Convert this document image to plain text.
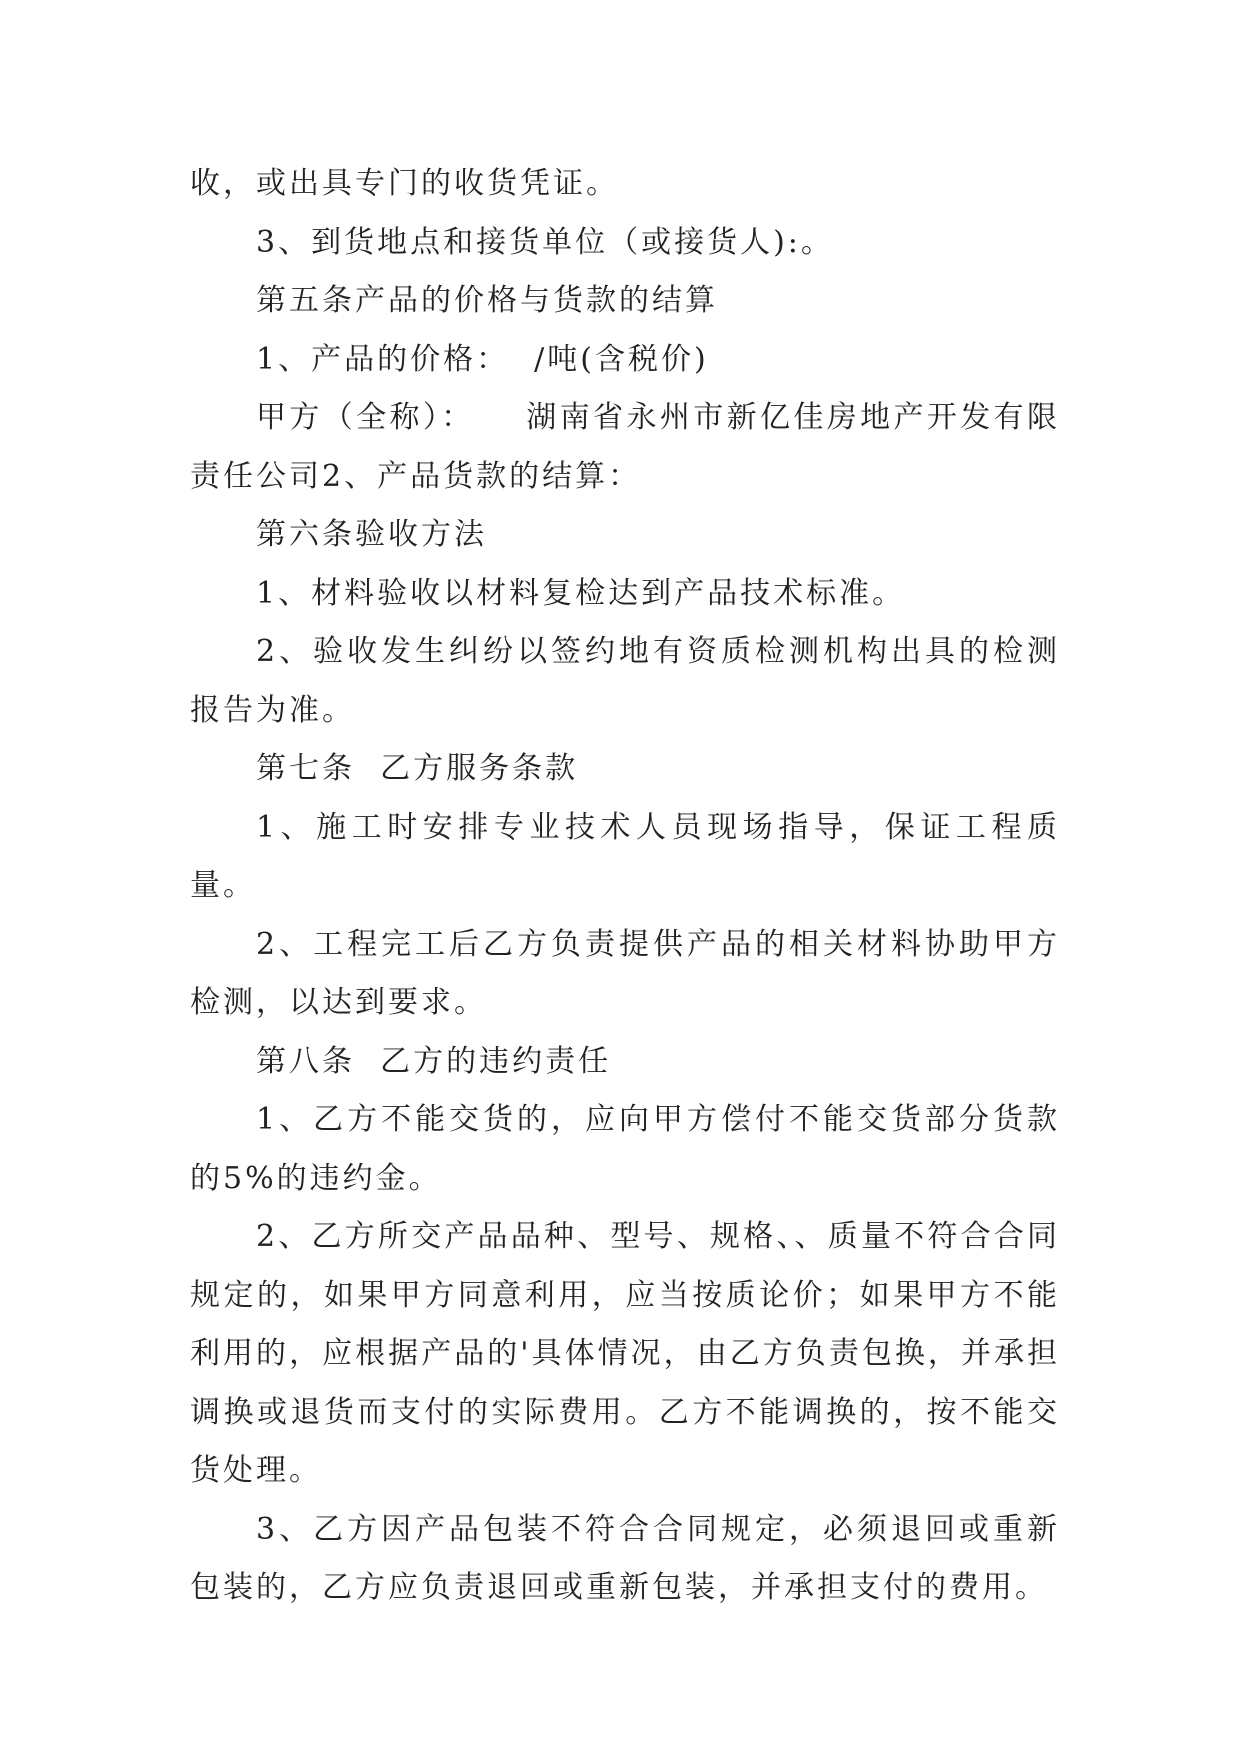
收，或出具专门的收货凭证。

3、到货地点和接货单位（或接货人):。

第五条产品的价格与货款的结算

1、产品的价格：  /吨(含税价)

甲方（全称）：    湖南省永州市新亿佳房地产开发有限责任公司2、产品货款的结算：

第六条验收方法

1、材料验收以材料复检达到产品技术标准。

2、验收发生纠纷以签约地有资质检测机构出具的检测报告为准。

第七条  乙方服务条款

1、施工时安排专业技术人员现场指导，保证工程质量。

2、工程完工后乙方负责提供产品的相关材料协助甲方检测，以达到要求。

第八条  乙方的违约责任

1、乙方不能交货的，应向甲方偿付不能交货部分货款的5%的违约金。

2、乙方所交产品品种、型号、规格、、质量不符合合同规定的，如果甲方同意利用，应当按质论价；如果甲方不能利用的，应根据产品的'具体情况，由乙方负责包换，并承担调换或退货而支付的实际费用。乙方不能调换的，按不能交货处理。

3、乙方因产品包装不符合合同规定，必须退回或重新包装的，乙方应负责退回或重新包装，并承担支付的费用。
